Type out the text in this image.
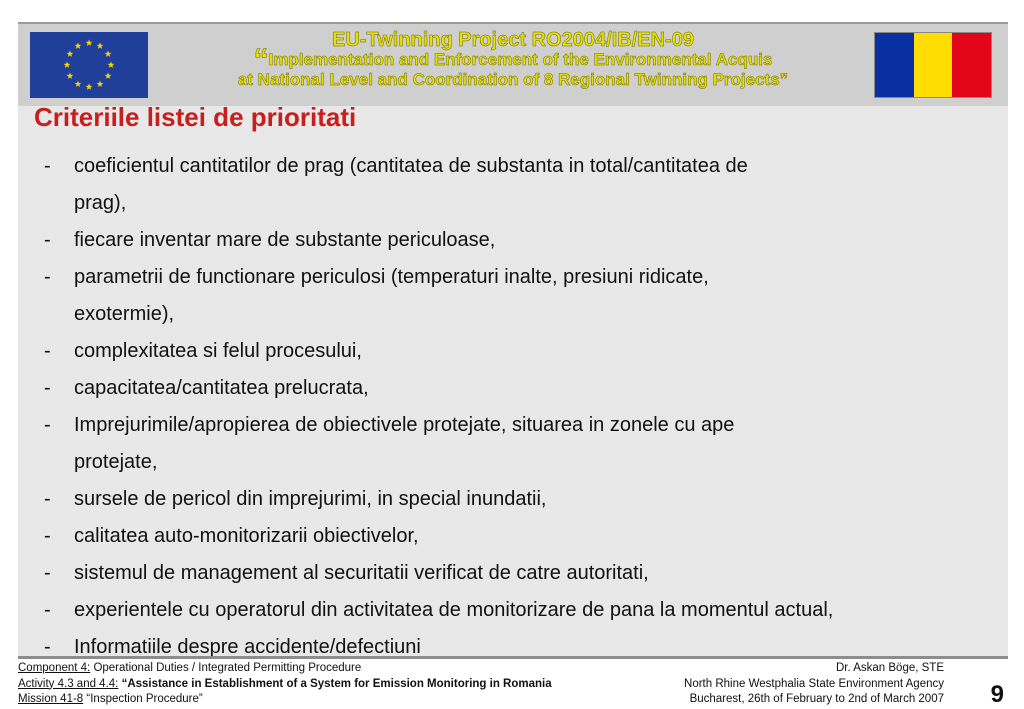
EU-Twinning Project RO2004/IB/EN-09
“Implementation and Enforcement of the Environmental Acquis
at National Level and Coordination of 8 Regional Twinning Projects”
Criteriile listei de prioritati
-	coeficientul cantitatilor de prag (cantitatea de substanta in total/cantitatea de
prag),
-	fiecare inventar mare de substante periculoase,
-	parametrii de functionare periculosi (temperaturi inalte, presiuni ridicate,
exotermie),
-	complexitatea si felul procesului,
-	capacitatea/cantitatea prelucrata,
-	Imprejurimile/apropierea de obiectivele protejate, situarea in zonele cu ape
protejate,
-	sursele de pericol din imprejurimi, in special inundatii,
-	calitatea auto-monitorizarii obiectivelor,
-	sistemul de management al securitatii verificat de catre autoritati,
-	experientele cu operatorul din activitatea de monitorizare de pana la momentul actual,
-	Informatiile despre accidente/defectiuni
Component 4: Operational Duties / Integrated Permitting Procedure
Activity 4.3 and 4.4: “Assistance in Establishment of a System for Emission Monitoring in Romania
Mission 41-8 “Inspection Procedure”
Dr. Askan Böge, STE
North Rhine Westphalia State Environment Agency
Bucharest, 26th of February to 2nd of March 2007 9
